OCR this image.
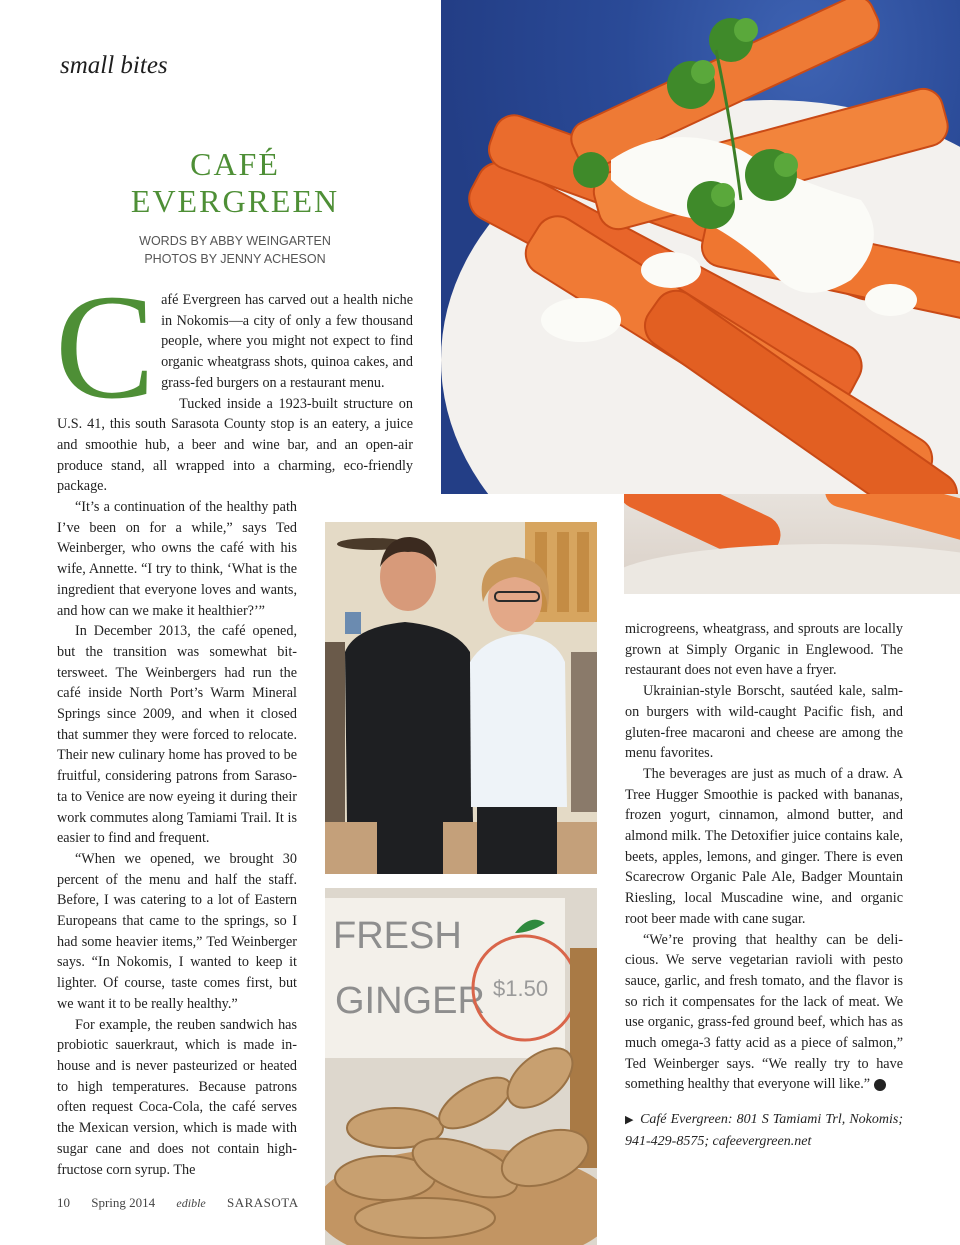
small bites
CAFÉ
EVERGREEN
WORDS BY ABBY WEINGARTEN
PHOTOS BY JENNY ACHESON
C afé Evergreen has carved out a health niche in Nokomis—a city of only a few thousand people, where you might not expect to find organic wheatgrass shots, quinoa cakes, and grass-fed burgers on a restaurant menu.

Tucked inside a 1923-built structure on U.S. 41, this south Sarasota County stop is an eatery, a juice and smoothie hub, a beer and wine bar, and an open-air produce stand, all wrapped into a charming, eco-friendly package.

“It’s a continuation of the healthy path I’ve been on for a while,” says Ted Weinberger, who owns the café with his wife, Annette. “I try to think, ‘What is the ingredient that everyone loves and wants, and how can we make it healthier?’”

In December 2013, the café opened, but the transition was somewhat bit-tersweet. The Weinbergers had run the café inside North Port’s Warm Mineral Springs since 2009, and when it closed that summer they were forced to relocate. Their new culinary home has proved to be fruitful, considering patrons from Saraso-ta to Venice are now eyeing it during their work commutes along Tamiami Trail. It is easier to find and frequent.

“When we opened, we brought 30 percent of the menu and half the staff. Before, I was catering to a lot of Eastern Europeans that came to the springs, so I had some heavier items,” Ted Weinberger says. “In Nokomis, I wanted to keep it lighter. Of course, taste comes first, but we want it to be really healthy.”

For example, the reuben sandwich has probiotic sauerkraut, which is made in-house and is never pasteurized or heated to high temperatures. Because patrons often request Coca-Cola, the café serves the Mexican version, which is made with sugar cane and does not contain high-fructose corn syrup. The

FRESH
GINGER $1.50

microgreens, wheatgrass, and sprouts are locally grown at Simply Organic in Englewood. The restaurant does not even have a fryer.

Ukrainian-style Borscht, sautéed kale, salm-on burgers with wild-caught Pacific fish, and gluten-free macaroni and cheese are among the menu favorites.

The beverages are just as much of a draw. A Tree Hugger Smoothie is packed with bananas, frozen yogurt, cinnamon, almond butter, and almond milk. The Detoxifier juice contains kale, beets, apples, lemons, and ginger. There is even Scarecrow Organic Pale Ale, Badger Mountain Riesling, local Muscadine wine, and organic root beer made with cane sugar.

“We’re proving that healthy can be deli-cious. We serve vegetarian ravioli with pesto sauce, garlic, and fresh tomato, and the flavor is so rich it compensates for the lack of meat. We use organic, grass-fed ground beef, which has as much omega-3 fatty acid as a piece of salmon,” Ted Weinberger says. “We really try to have something healthy that everyone will like.” e

▶ Café Evergreen: 801 S Tamiami Trl, Nokomis; 941-429-8575; cafeevergreen.net
10 Spring 2014 edible SARASOTA
